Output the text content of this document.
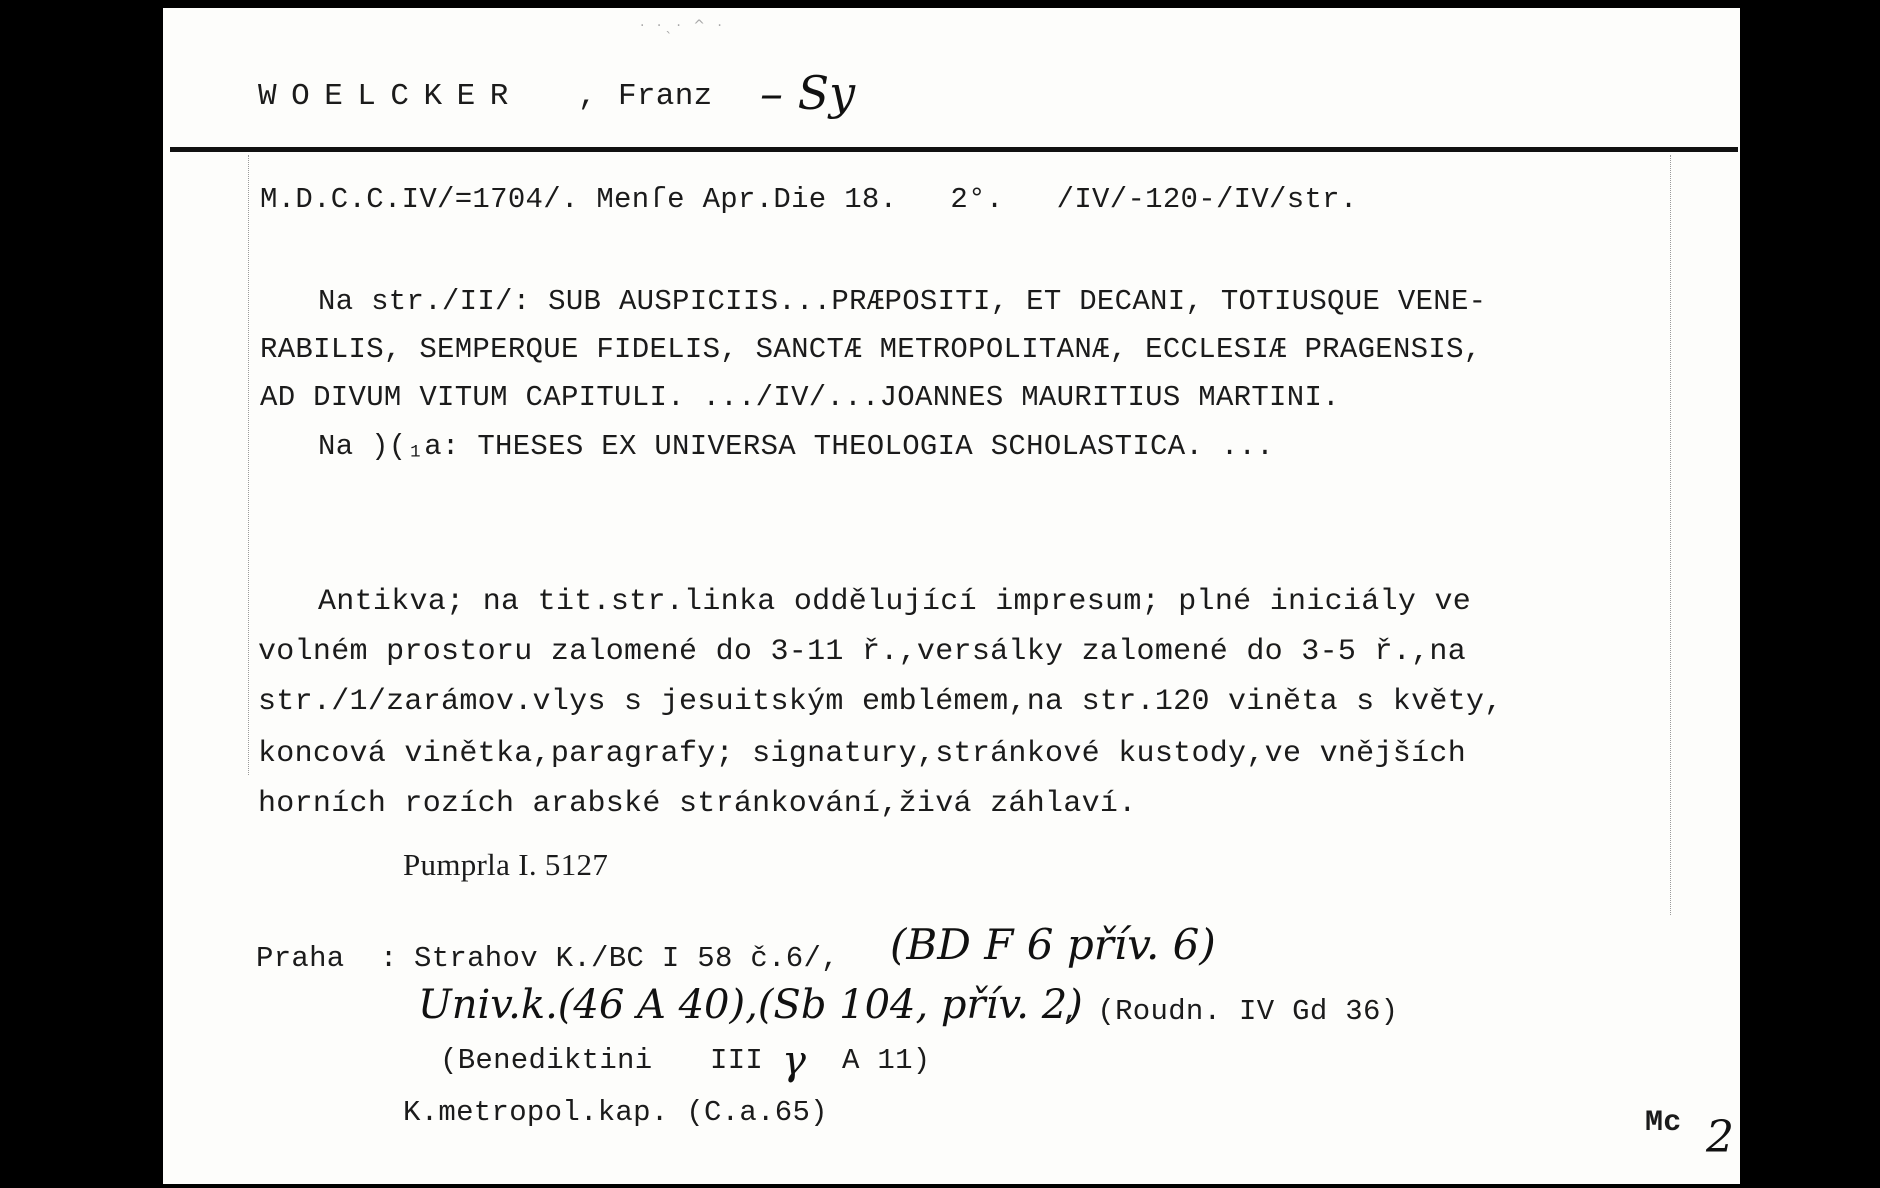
· ·ˎ· ^ ·
WOELCKER , Franz – Sy
M.D.C.C.IV/=1704/. Menſe Apr.Die 18.   2°.   /IV/-120-/IV/str.
Na str./II/: SUB AUSPICIIS...PRÆPOSITI, ET DECANI, TOTIUSQUE VENE-
RABILIS, SEMPERQUE FIDELIS, SANCTÆ METROPOLITANÆ, ECCLESIÆ PRAGENSIS,
AD DIVUM VITUM CAPITULI. .../IV/...JOANNES MAURITIUS MARTINI.
Na )(₁a: THESES EX UNIVERSA THEOLOGIA SCHOLASTICA. ...
Antikva; na tit.str.linka oddělující impresum; plné iniciály ve
volném prostoru zalomené do 3-11 ř.,versálky zalomené do 3-5 ř.,na
str./1/zarámov.vlys s jesuitským emblémem,na str.120 viněta s květy,
koncová vinětka,paragrafy; signatury,stránkové kustody,ve vnějších
horních rozích arabské stránkování,živá záhlaví.
Pumprla I. 5127
Praha  : Strahov K./BC I 58 č.6/, (BD F 6 přív. 6)
Univ.k.(46 A 40),(Sb 104, přív. 2)
, (Roudn. IV Gd 36)
(Benediktini III γ A 11)
K.metropol.kap. (C.a.65)	Mc 2
